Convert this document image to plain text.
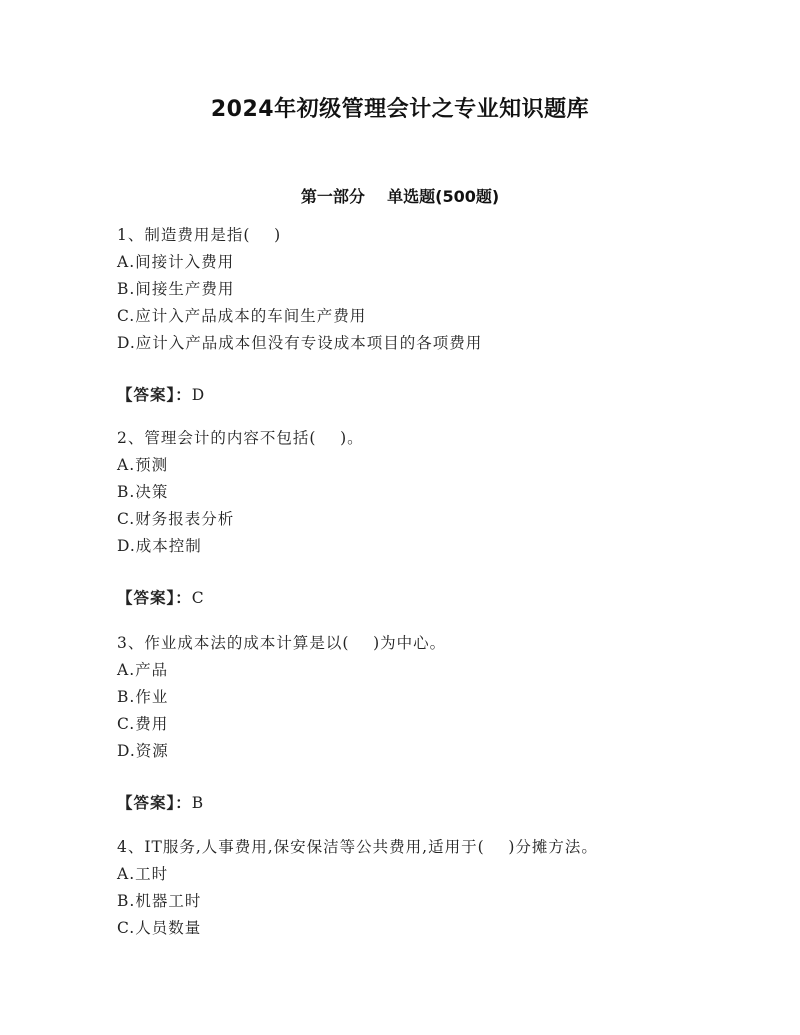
2024年初级管理会计之专业知识题库
第一部分    单选题(500题)
1、制造费用是指(    )
A.间接计入费用
B.间接生产费用
C.应计入产品成本的车间生产费用
D.应计入产品成本但没有专设成本项目的各项费用
【答案】：D
2、管理会计的内容不包括(    )。
A.预测
B.决策
C.财务报表分析
D.成本控制
【答案】：C
3、作业成本法的成本计算是以(    )为中心。
A.产品
B.作业
C.费用
D.资源
【答案】：B
4、IT服务,人事费用,保安保洁等公共费用,适用于(    )分摊方法。
A.工时
B.机器工时
C.人员数量
